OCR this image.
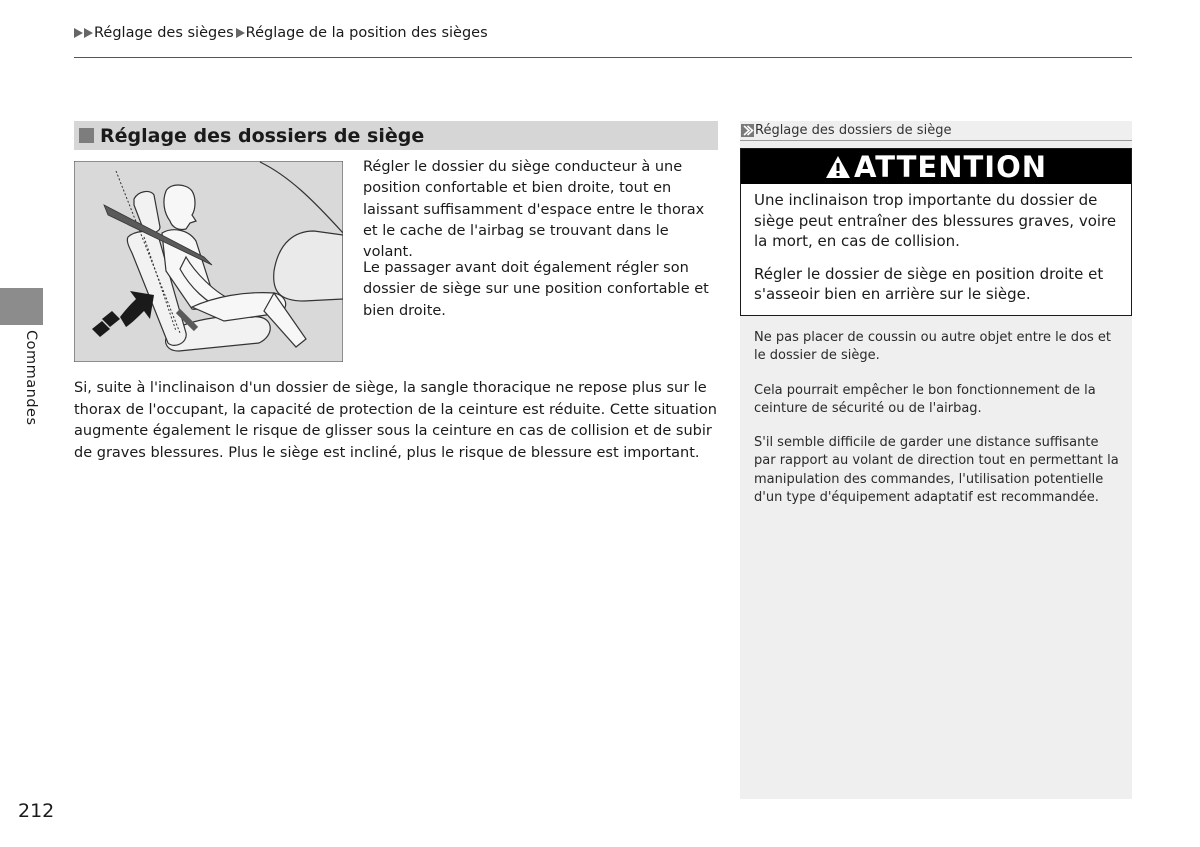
Réglage des sièges Réglage de la position des sièges
Commandes
212
Réglage des dossiers de siège
Régler le dossier du siège conducteur à une position confortable et bien droite, tout en laissant suffisamment d'espace entre le thorax et le cache de l'airbag se trouvant dans le volant.
Le passager avant doit également régler son dossier de siège sur une position confortable et bien droite.
Si, suite à l'inclinaison d'un dossier de siège, la sangle thoracique ne repose plus sur le thorax de l'occupant, la capacité de protection de la ceinture est réduite. Cette situation augmente également le risque de glisser sous la ceinture en cas de collision et de subir de graves blessures. Plus le siège est incliné, plus le risque de blessure est important.
Réglage des dossiers de siège
ATTENTION

Une inclinaison trop importante du dossier de siège peut entraîner des blessures graves, voire la mort, en cas de collision.

Régler le dossier de siège en position droite et s'asseoir bien en arrière sur le siège.

Ne pas placer de coussin ou autre objet entre le dos et le dossier de siège.

Cela pourrait empêcher le bon fonctionnement de la ceinture de sécurité ou de l'airbag.

S'il semble difficile de garder une distance suffisante par rapport au volant de direction tout en permettant la manipulation des commandes, l'utilisation potentielle d'un type d'équipement adaptatif est recommandée.
